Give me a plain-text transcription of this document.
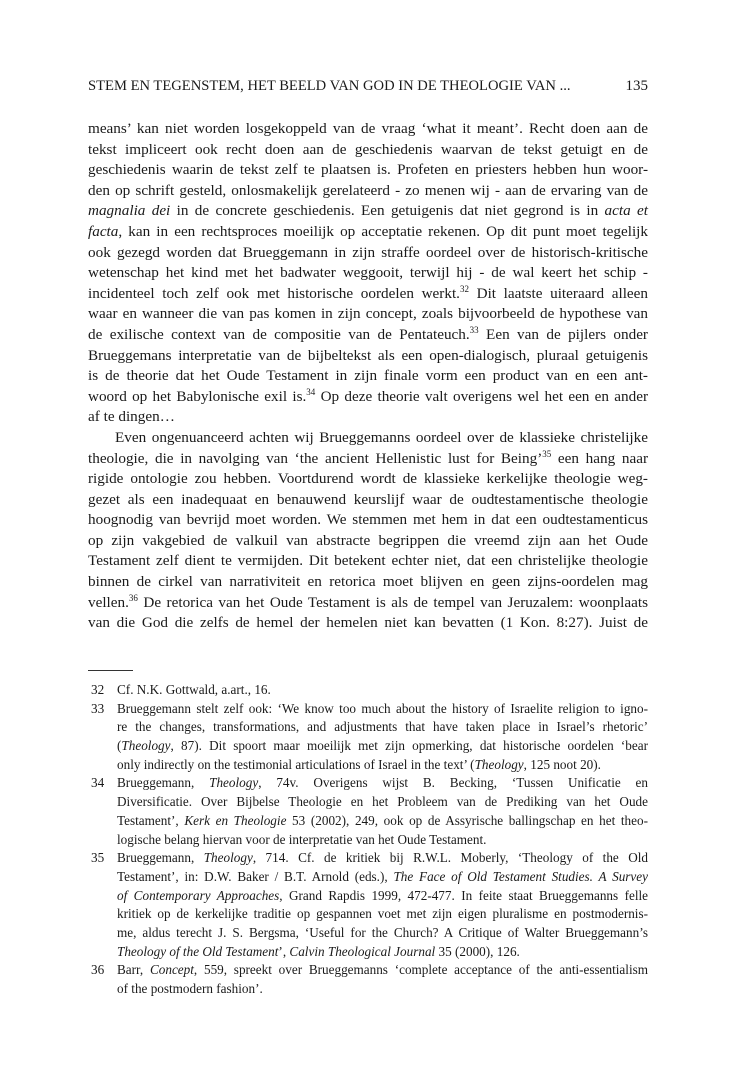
STEM EN TEGENSTEM, HET BEELD VAN GOD IN DE THEOLOGIE VAN ...	135
means’ kan niet worden losgekoppeld van de vraag ‘what it meant’. Recht doen aan de
tekst impliceert ook recht doen aan de geschiedenis waarvan de tekst getuigt en de
geschiedenis waarin de tekst zelf te plaatsen is. Profeten en priesters hebben hun woor-
den op schrift gesteld, onlosmakelijk gerelateerd - zo menen wij - aan de ervaring van de
magnalia dei in de concrete geschiedenis. Een getuigenis dat niet gegrond is in acta et
facta, kan in een rechtsproces moeilijk op acceptatie rekenen. Op dit punt moet tegelijk
ook gezegd worden dat Brueggemann in zijn straffe oordeel over de historisch-kritische
wetenschap het kind met het badwater weggooit, terwijl hij - de wal keert het schip -
incidenteel toch zelf ook met historische oordelen werkt.$^{32}$ Dit laatste uiteraard alleen
waar en wanneer die van pas komen in zijn concept, zoals bijvoorbeeld de hypothese van
de exilische context van de compositie van de Pentateuch.$^{33}$ Een van de pijlers onder
Brueggemans interpretatie van de bijbeltekst als een open-dialogisch, pluraal getuigenis
is de theorie dat het Oude Testament in zijn finale vorm een product van en een ant-
woord op het Babylonische exil is.$^{34}$ Op deze theorie valt overigens wel het een en ander
af te dingen…
Even ongenuanceerd achten wij Brueggemanns oordeel over de klassieke christelijke
theologie, die in navolging van ‘the ancient Hellenistic lust for Being’$^{35}$ een hang naar
rigide ontologie zou hebben. Voortdurend wordt de klassieke kerkelijke theologie weg-
gezet als een inadequaat en benauwend keurslijf waar de oudtestamentische theologie
hoognodig van bevrijd moet worden. We stemmen met hem in dat een oudtestamenticus
op zijn vakgebied de valkuil van abstracte begrippen die vreemd zijn aan het Oude
Testament zelf dient te vermijden. Dit betekent echter niet, dat een christelijke theologie
binnen de cirkel van narrativiteit en retorica moet blijven en geen zijns-oordelen mag
vellen.$^{36}$ De retorica van het Oude Testament is als de tempel van Jeruzalem: woonplaats
van die God die zelfs de hemel der hemelen niet kan bevatten (1 Kon. 8:27). Juist de
32 Cf. N.K. Gottwald, a.art., 16.
33 Brueggemann stelt zelf ook: ‘We know too much about the history of Israelite religion to igno-
re the changes, transformations, and adjustments that have taken place in Israel’s rhetoric’
(Theology, 87). Dit spoort maar moeilijk met zijn opmerking, dat historische oordelen ‘bear
only indirectly on the testimonial articulations of Israel in the text’ (Theology, 125 noot 20).
34 Brueggemann, Theology, 74v. Overigens wijst B. Becking, ‘Tussen Unificatie en
Diversificatie. Over Bijbelse Theologie en het Probleem van de Prediking van het Oude
Testament’, Kerk en Theologie 53 (2002), 249, ook op de Assyrische ballingschap en het theo-
logische belang hiervan voor de interpretatie van het Oude Testament.
35 Brueggemann, Theology, 714. Cf. de kritiek bij R.W.L. Moberly, ‘Theology of the Old
Testament’, in: D.W. Baker / B.T. Arnold (eds.), The Face of Old Testament Studies. A Survey
of Contemporary Approaches, Grand Rapdis 1999, 472-477. In feite staat Brueggemanns felle
kritiek op de kerkelijke traditie op gespannen voet met zijn eigen pluralisme en postmodernis-
me, aldus terecht J. S. Bergsma, ‘Useful for the Church? A Critique of Walter Brueggemann’s
Theology of the Old Testament’, Calvin Theological Journal 35 (2000), 126.
36 Barr, Concept, 559, spreekt over Brueggemanns ‘complete acceptance of the anti-essentialism
of the postmodern fashion’.
